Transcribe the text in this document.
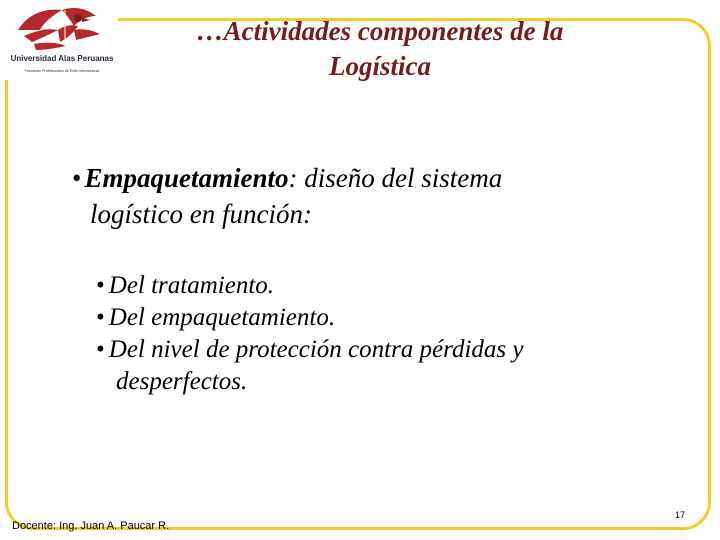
Universidad Alas Peruanas
Formando Profesionales de Éxito Internacional
…Actividades componentes de la
Logística
• Empaquetamiento: diseño del sistema
logístico en función:
• Del tratamiento.
• Del empaquetamiento.
• Del nivel de protección contra pérdidas y
desperfectos.
Docente: Ing. Juan A. Paucar R.
17
